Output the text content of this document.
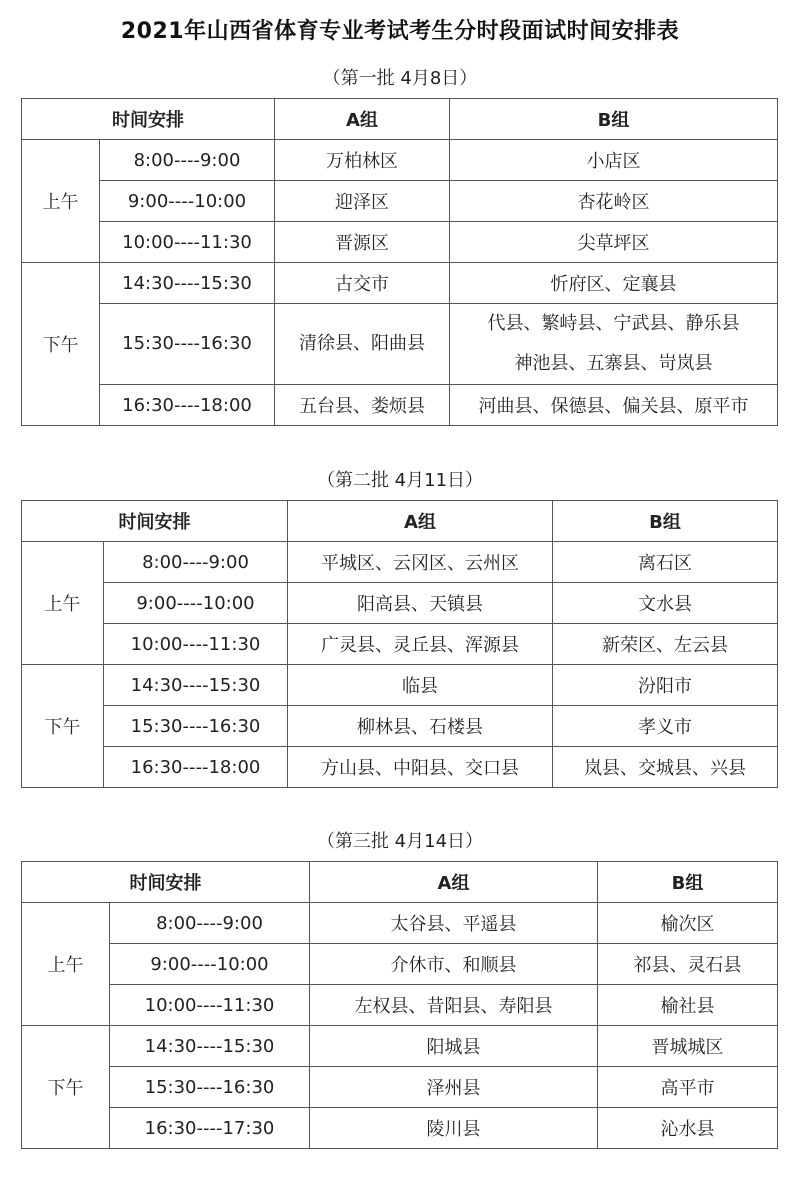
2021年山西省体育专业考试考生分时段面试时间安排表
（第一批 4月8日）
时间安排		A组	B组
上午	8:00----9:00	万柏林区	小店区

	9:00----10:00	迎泽区	杏花岭区

	10:00----11:30	晋源区	尖草坪区

下午	14:30----15:30	古交市	忻府区、定襄县

	15:30----16:30	清徐县、阳曲县	代县、繁峙县、宁武县、静乐县
神池县、五寨县、岢岚县

	16:30----18:00	五台县、娄烦县	河曲县、保德县、偏关县、原平市
（第二批 4月11日）
时间安排		A组	B组
上午	8:00----9:00	平城区、云冈区、云州区	离石区

	9:00----10:00	阳高县、天镇县	文水县

	10:00----11:30	广灵县、灵丘县、浑源县	新荣区、左云县

下午	14:30----15:30	临县	汾阳市

	15:30----16:30	柳林县、石楼县	孝义市

	16:30----18:00	方山县、中阳县、交口县	岚县、交城县、兴县
（第三批 4月14日）
时间安排		A组	B组
上午	8:00----9:00	太谷县、平遥县	榆次区

	9:00----10:00	介休市、和顺县	祁县、灵石县

	10:00----11:30	左权县、昔阳县、寿阳县	榆社县

下午	14:30----15:30	阳城县	晋城城区

	15:30----16:30	泽州县	高平市

	16:30----17:30	陵川县	沁水县
